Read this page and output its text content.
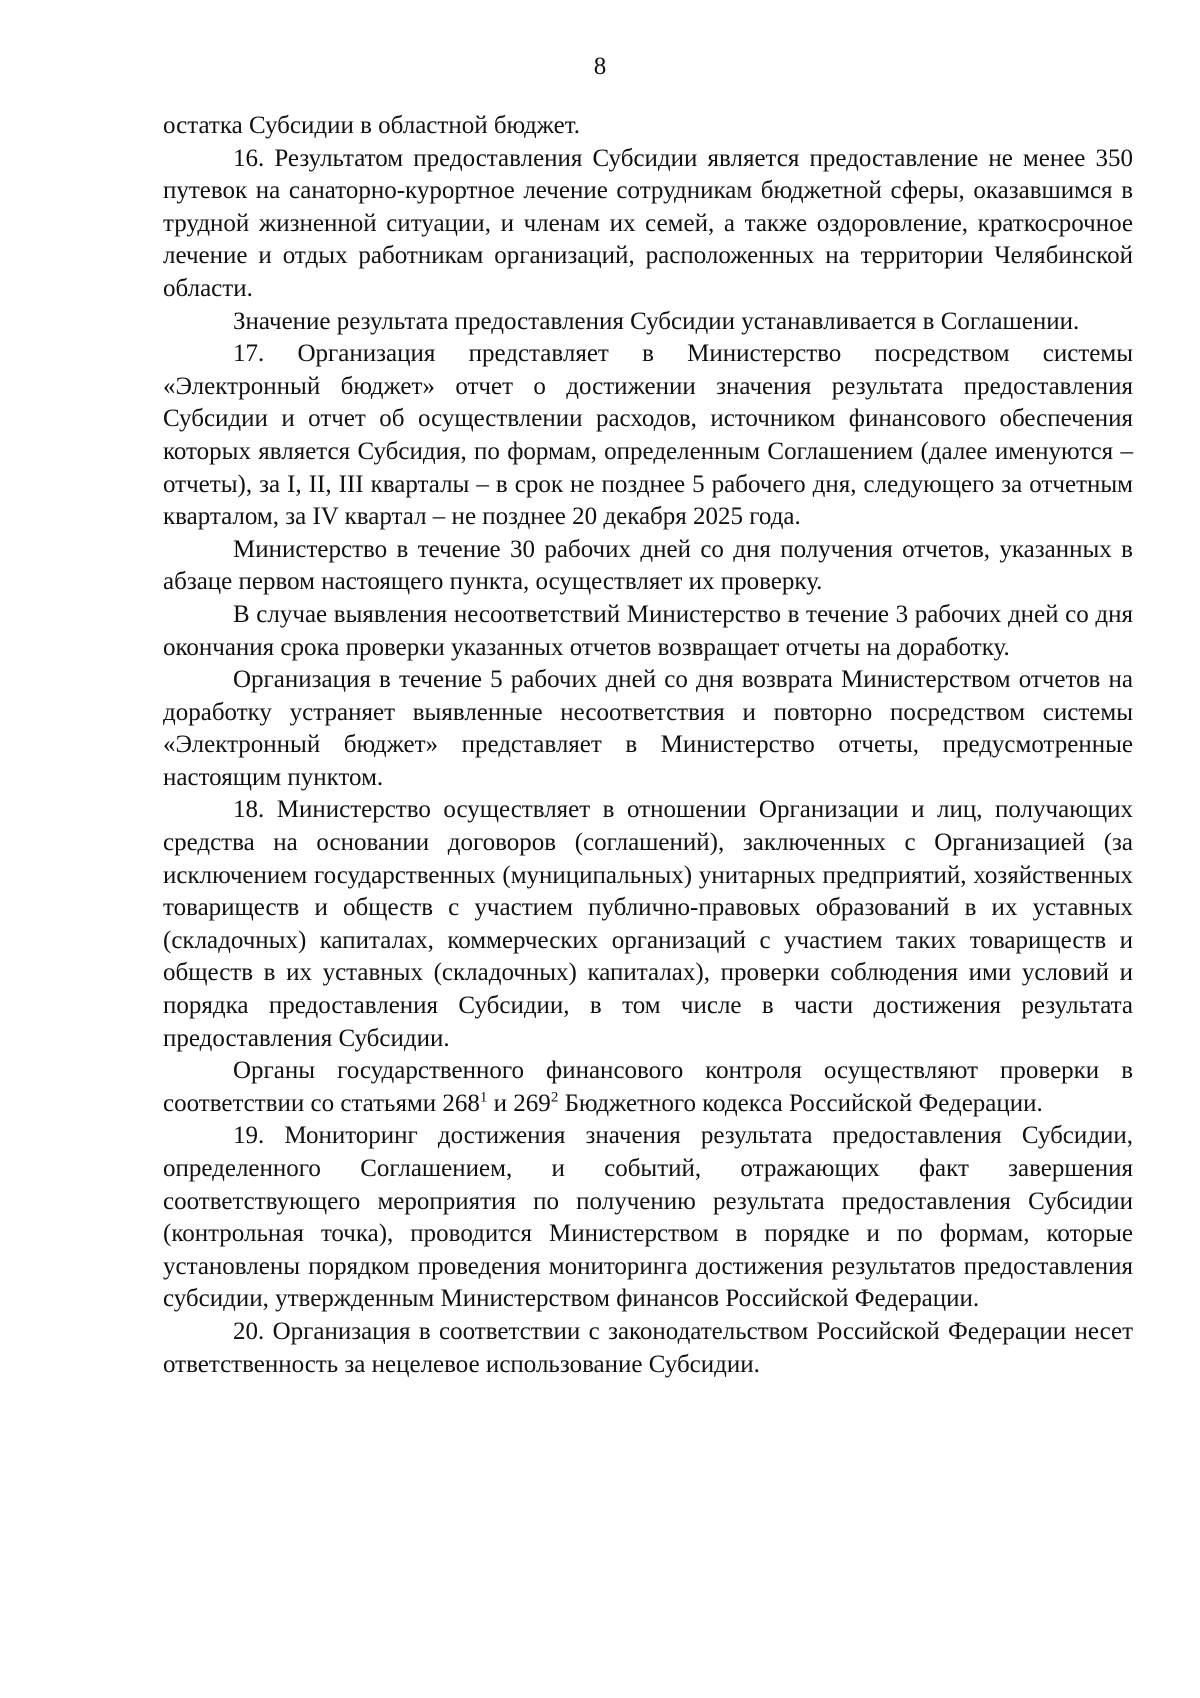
8

остатка Субсидии в областной бюджет.

16. Результатом предоставления Субсидии является предоставление не менее 350 путевок на санаторно-курортное лечение сотрудникам бюджетной сферы, оказавшимся в трудной жизненной ситуации, и членам их семей, а также оздоровление, краткосрочное лечение и отдых работникам организаций, расположенных на территории Челябинской области.

Значение результата предоставления Субсидии устанавливается в Соглашении.

17. Организация представляет в Министерство посредством системы «Электронный бюджет» отчет о достижении значения результата предоставления Субсидии и отчет об осуществлении расходов, источником финансового обеспечения которых является Субсидия, по формам, определенным Соглашением (далее именуются – отчеты), за I, II, III кварталы – в срок не позднее 5 рабочего дня, следующего за отчетным кварталом, за IV квартал – не позднее 20 декабря 2025 года.

Министерство в течение 30 рабочих дней со дня получения отчетов, указанных в абзаце первом настоящего пункта, осуществляет их проверку.

В случае выявления несоответствий Министерство в течение 3 рабочих дней со дня окончания срока проверки указанных отчетов возвращает отчеты на доработку.

Организация в течение 5 рабочих дней со дня возврата Министерством отчетов на доработку устраняет выявленные несоответствия и повторно посредством системы «Электронный бюджет» представляет в Министерство отчеты, предусмотренные настоящим пунктом.

18. Министерство осуществляет в отношении Организации и лиц, получающих средства на основании договоров (соглашений), заключенных с Организацией (за исключением государственных (муниципальных) унитарных предприятий, хозяйственных товариществ и обществ с участием публично-правовых образований в их уставных (складочных) капиталах, коммерческих организаций с участием таких товариществ и обществ в их уставных (складочных) капиталах), проверки соблюдения ими условий и порядка предоставления Субсидии, в том числе в части достижения результата предоставления Субсидии.

Органы государственного финансового контроля осуществляют проверки в соответствии со статьями $268^1$ и $269^2$ Бюджетного кодекса Российской Федерации.

19. Мониторинг достижения значения результата предоставления Субсидии, определенного Соглашением, и событий, отражающих факт завершения соответствующего мероприятия по получению результата предоставления Субсидии (контрольная точка), проводится Министерством в порядке и по формам, которые установлены порядком проведения мониторинга достижения результатов предоставления субсидии, утвержденным Министерством финансов Российской Федерации.

20. Организация в соответствии с законодательством Российской Федерации несет ответственность за нецелевое использование Субсидии.
